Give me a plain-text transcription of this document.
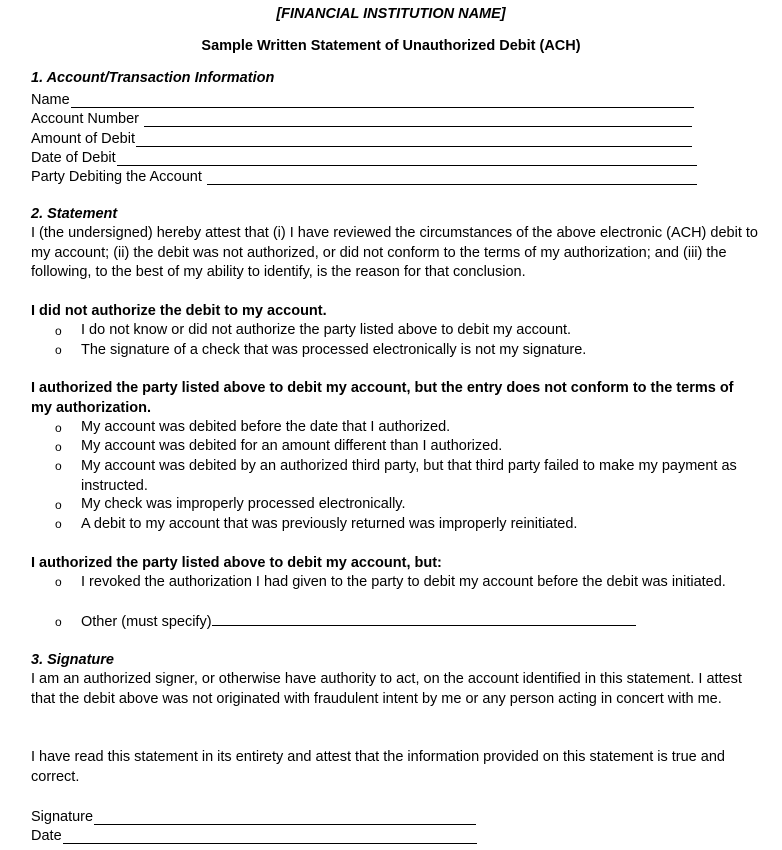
[FINANCIAL INSTITUTION NAME]
Sample Written Statement of Unauthorized Debit (ACH)
1. Account/Transaction Information
Name
Account Number
Amount of Debit
Date of Debit
Party Debiting the Account
2. Statement
I (the undersigned) hereby attest that (i) I have reviewed the circumstances of the above electronic (ACH) debit to my account; (ii) the debit was not authorized, or did not conform to the terms of my authorization; and (iii) the following, to the best of my ability to identify, is the reason for that conclusion.
I did not authorize the debit to my account.
o	I do not know or did not authorize the party listed above to debit my account.
o	The signature of a check that was processed electronically is not my signature.
I authorized the party listed above to debit my account, but the entry does not conform to the terms of my authorization.
o	My account was debited before the date that I authorized.
o	My account was debited for an amount different than I authorized.
o	My account was debited by an authorized third party, but that third party failed to make my payment as instructed.
o	My check was improperly processed electronically.
o	A debit to my account that was previously returned was improperly reinitiated.
I authorized the party listed above to debit my account, but:
o	I revoked the authorization I had given to the party to debit my account before the debit was initiated.
o	Other (must specify)
3. Signature
I am an authorized signer, or otherwise have authority to act, on the account identified in this statement. I attest that the debit above was not originated with fraudulent intent by me or any person acting in concert with me.
I have read this statement in its entirety and attest that the information provided on this statement is true and correct.
Signature
Date
